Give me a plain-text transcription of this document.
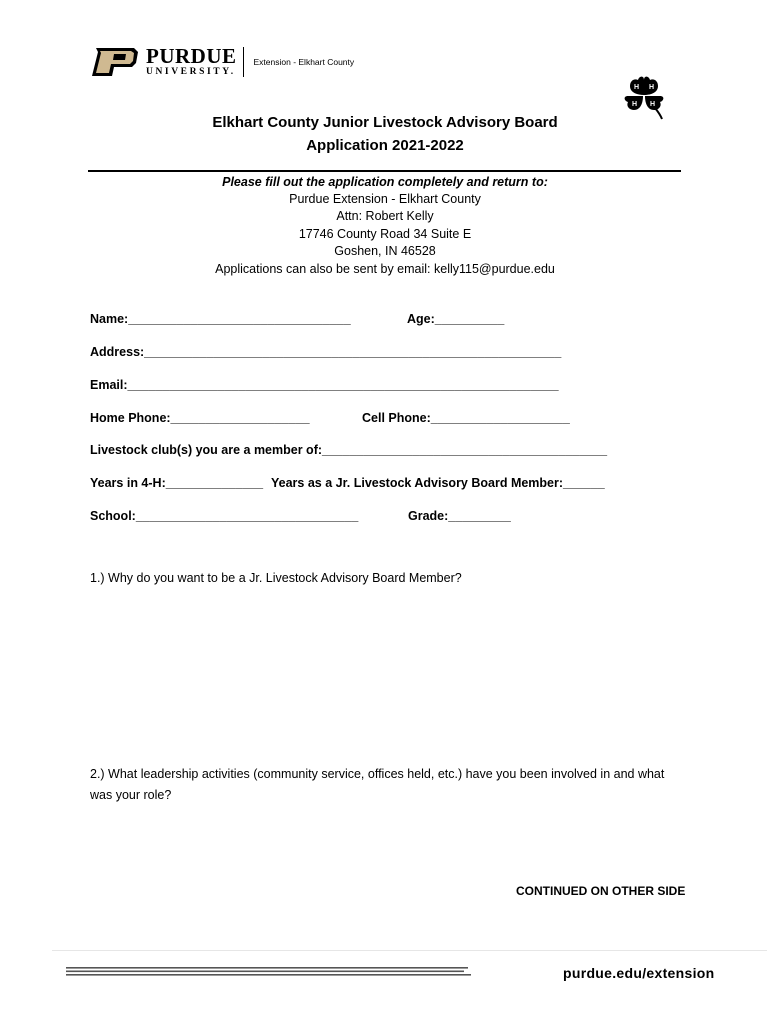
PURDUE
UNIVERSITY.
Extension - Elkhart County
H H
H H
Elkhart County Junior Livestock Advisory Board
Application 2021-2022
Please fill out the application completely and return to:
Purdue Extension - Elkhart County
Attn: Robert Kelly
17746 County Road 34 Suite E
Goshen, IN 46528
Applications can also be sent by email: kelly115@purdue.edu
Name:________________________________	Age:__________
Address:____________________________________________________________
Email:______________________________________________________________
Home Phone:____________________	Cell Phone:____________________
Livestock club(s) you are a member of:_________________________________________
Years in 4-H:______________ Years as a Jr. Livestock Advisory Board Member:______
School:________________________________	Grade:_________
1.) Why do you want to be a Jr. Livestock Advisory Board Member?
2.) What leadership activities (community service, offices held, etc.) have you been involved in and what was your role?
CONTINUED ON OTHER SIDE
purdue.edu/extension
